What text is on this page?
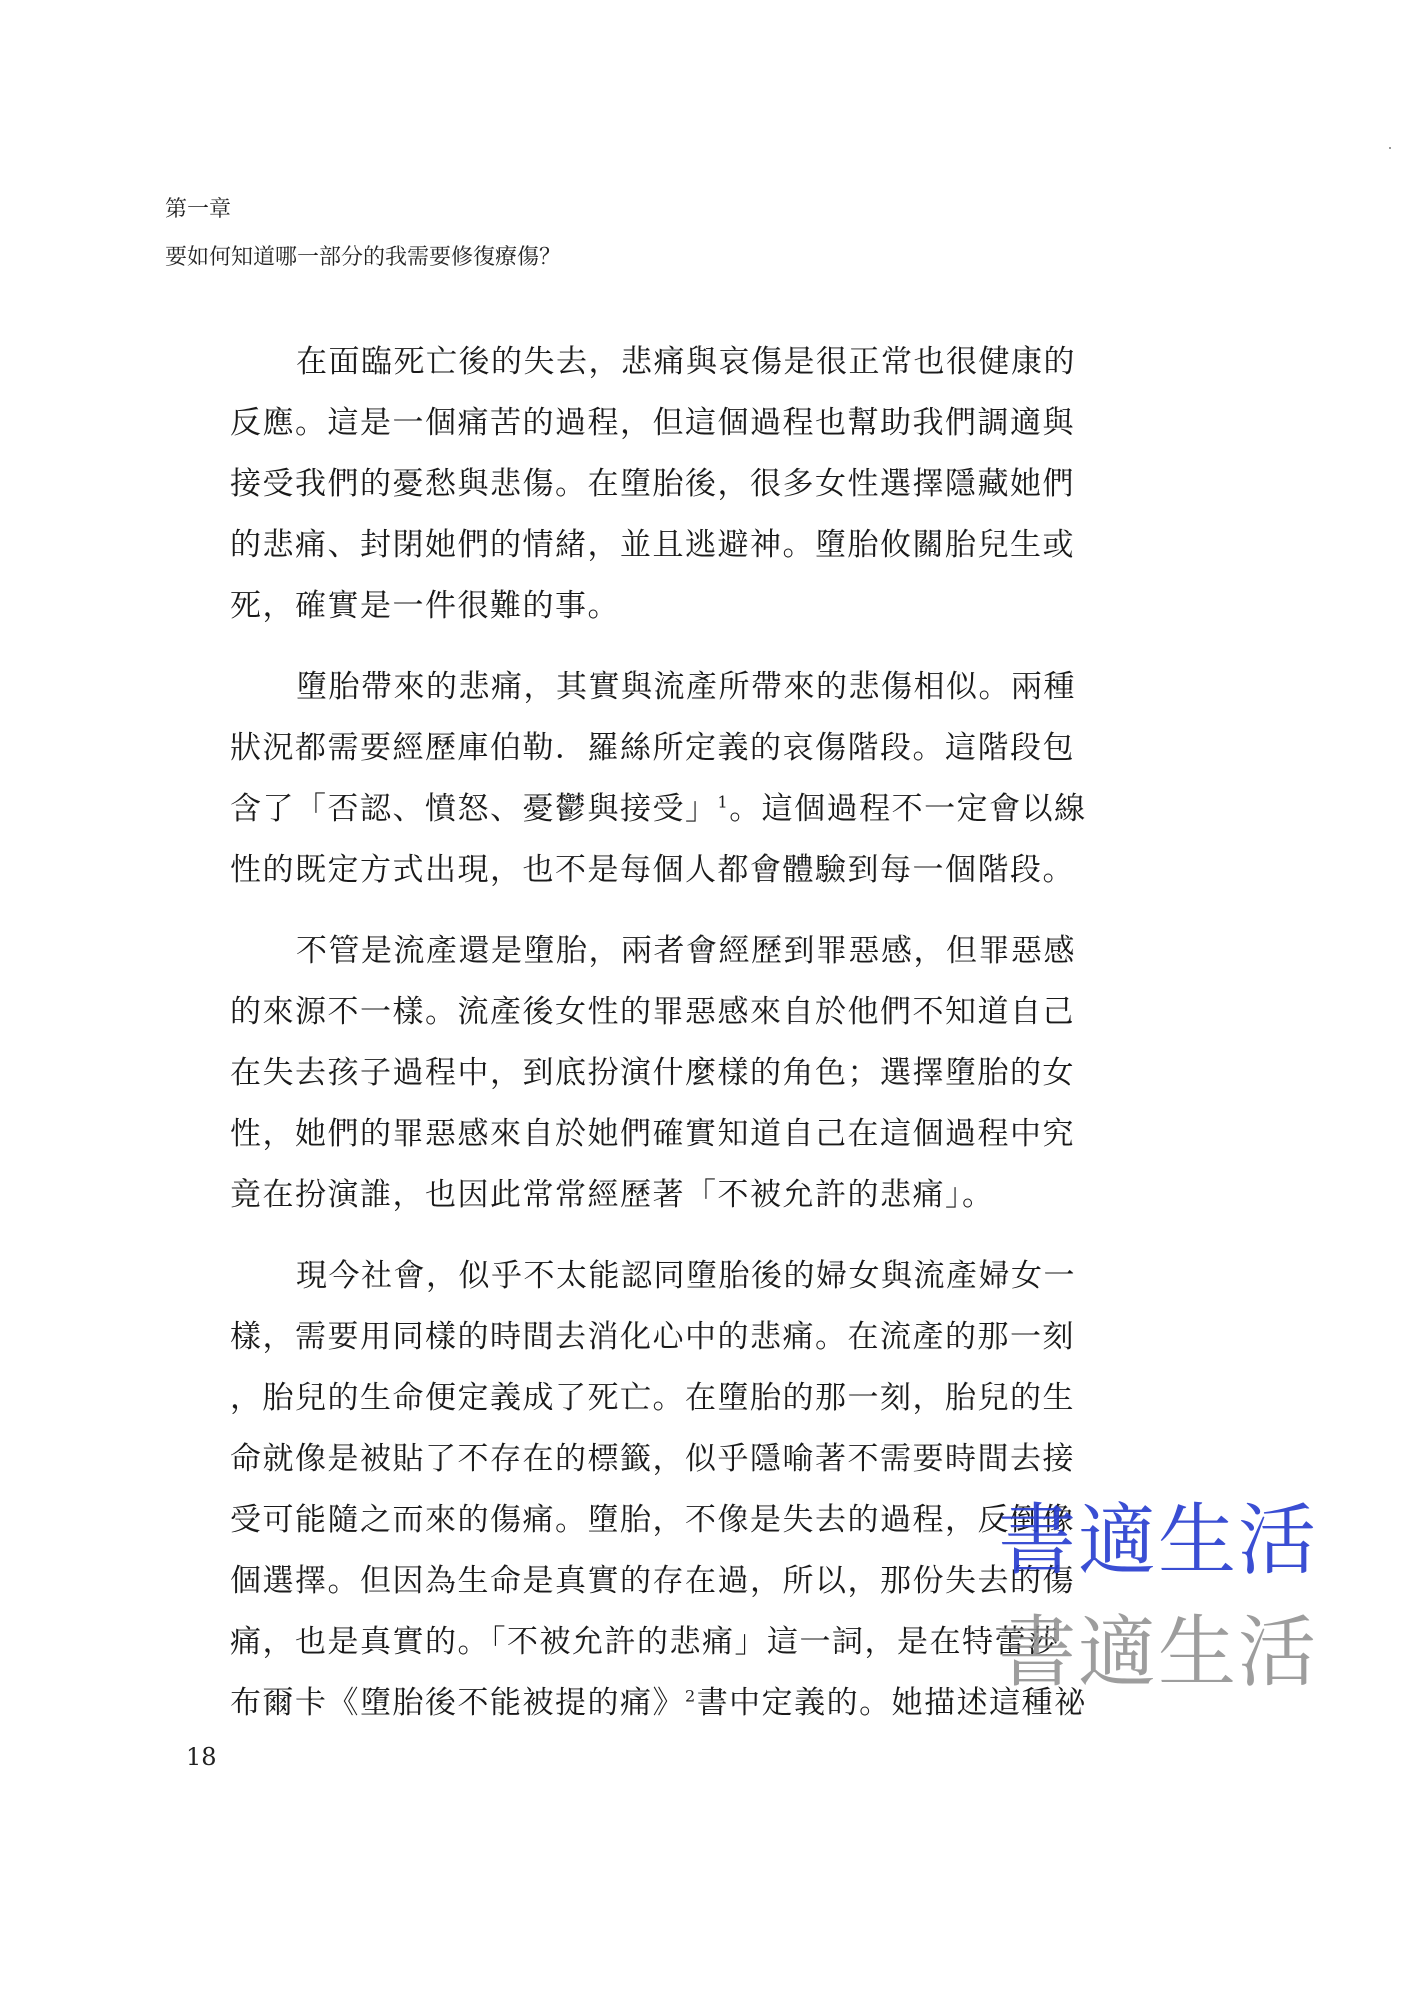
第一章
要如何知道哪一部分的我需要修復療傷？

在面臨死亡後的失去，悲痛與哀傷是很正常也很健康的
反應。這是一個痛苦的過程，但這個過程也幫助我們調適與
接受我們的憂愁與悲傷。在墮胎後，很多女性選擇隱藏她們
的悲痛、封閉她們的情緒，並且逃避神。墮胎攸關胎兒生或
死，確實是一件很難的事。

墮胎帶來的悲痛，其實與流產所帶來的悲傷相似。兩種
狀況都需要經歷庫伯勒．羅絲所定義的哀傷階段。這階段包
含了「否認、憤怒、憂鬱與接受」$^1$。這個過程不一定會以線
性的既定方式出現，也不是每個人都會體驗到每一個階段。

不管是流產還是墮胎，兩者會經歷到罪惡感，但罪惡感
的來源不一樣。流產後女性的罪惡感來自於他們不知道自己
在失去孩子過程中，到底扮演什麼樣的角色；選擇墮胎的女
性，她們的罪惡感來自於她們確實知道自己在這個過程中究
竟在扮演誰，也因此常常經歷著「不被允許的悲痛」。

現今社會，似乎不太能認同墮胎後的婦女與流產婦女一
樣，需要用同樣的時間去消化心中的悲痛。在流產的那一刻
，胎兒的生命便定義成了死亡。在墮胎的那一刻，胎兒的生
命就像是被貼了不存在的標籤，似乎隱喻著不需要時間去接
受可能隨之而來的傷痛。墮胎，不像是失去的過程，反倒像
個選擇。但因為生命是真實的存在過，所以，那份失去的傷
痛，也是真實的。「不被允許的悲痛」這一詞，是在特蕾莎
布爾卡《墮胎後不能被提的痛》$^2$書中定義的。她描述這種祕

18
書適生活
書適生活
